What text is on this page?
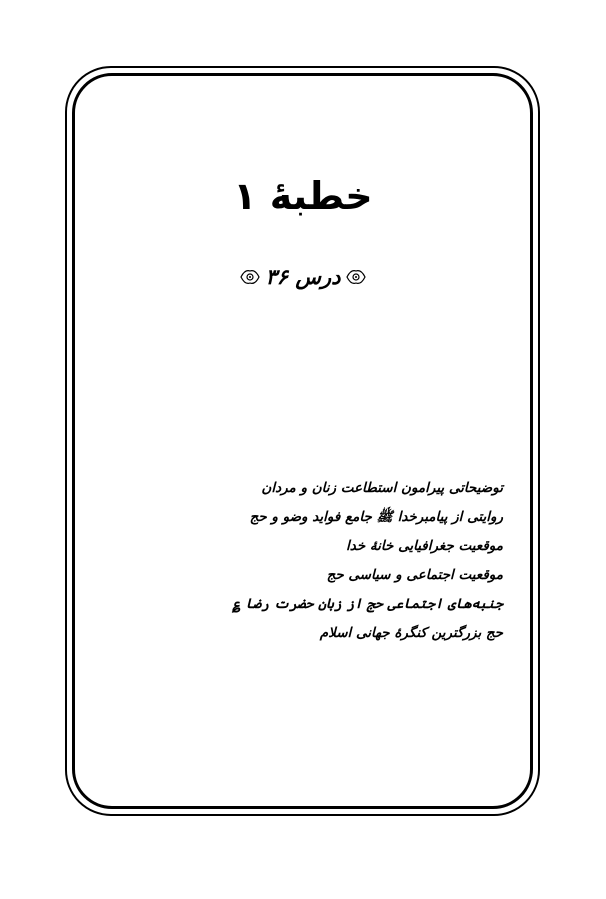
خطبۀ ۱
درس ۳۶
توضیحاتی پیرامون استطاعت زنان و مردان
روایتی از پیامبرخدا ﷺ جامع فواید وضو و حج
موقعیت جغرافیایی خانۀ خدا
موقعیت اجتماعی و سیاسی حج
جنبه‌های اجتماعی حج از زبان حضرت رضا ؏
حج بزرگترین کنگرۀ جهانی اسلام
